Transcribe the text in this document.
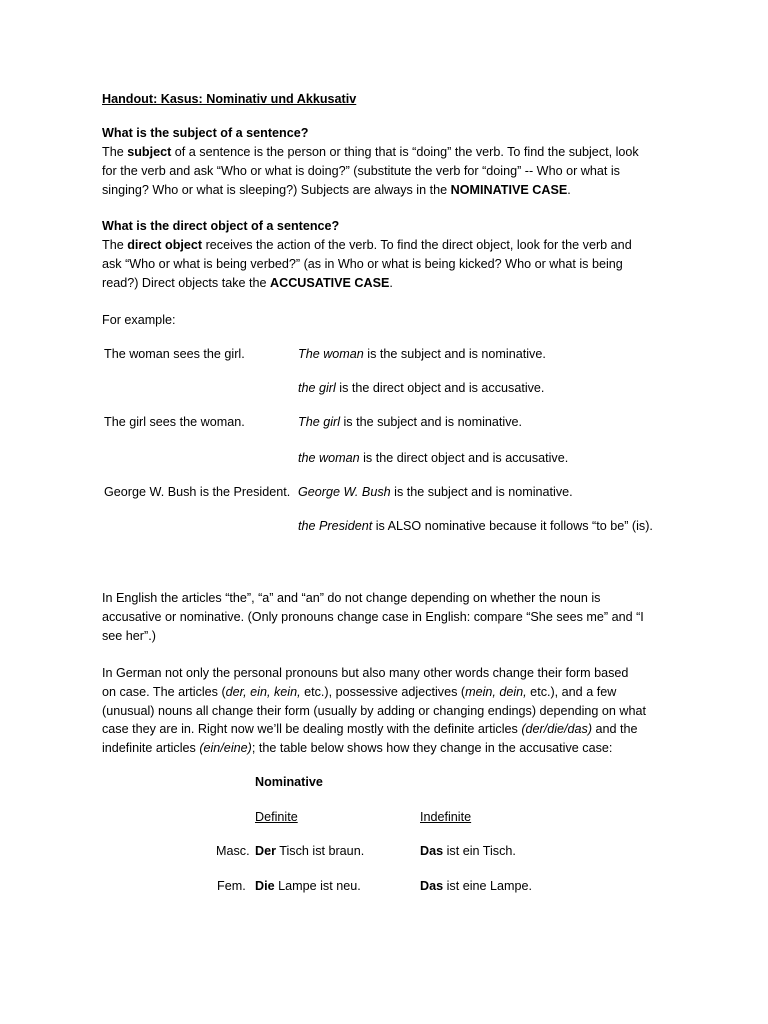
Handout: Kasus: Nominativ und Akkusativ
What is the subject of a sentence?
The subject of a sentence is the person or thing that is “doing” the verb. To find the subject, look
for the verb and ask “Who or what is doing?” (substitute the verb for “doing” -- Who or what is
singing? Who or what is sleeping?) Subjects are always in the NOMINATIVE CASE.
What is the direct object of a sentence?
The direct object receives the action of the verb. To find the direct object, look for the verb and
ask “Who or what is being verbed?” (as in Who or what is being kicked? Who or what is being
read?) Direct objects take the ACCUSATIVE CASE.
For example:
The woman sees the girl.	The woman is the subject and is nominative.
the girl is the direct object and is accusative.
The girl sees the woman.	The girl is the subject and is nominative.
the woman is the direct object and is accusative.
George W. Bush is the President. George W. Bush is the subject and is nominative.
the President is ALSO nominative because it follows “to be” (is).
In English the articles “the”, “a” and “an” do not change depending on whether the noun is
accusative or nominative. (Only pronouns change case in English: compare “She sees me” and “I
see her”.)
In German not only the personal pronouns but also many other words change their form based
on case. The articles (der, ein, kein, etc.), possessive adjectives (mein, dein, etc.), and a few
(unusual) nouns all change their form (usually by adding or changing endings) depending on what
case they are in. Right now we’ll be dealing mostly with the definite articles (der/die/das) and the
indefinite articles (ein/eine); the table below shows how they change in the accusative case:
Nominative
Definite	Indefinite
Masc. Der Tisch ist braun.	Das ist ein Tisch.
Fem. Die Lampe ist neu.	Das ist eine Lampe.
